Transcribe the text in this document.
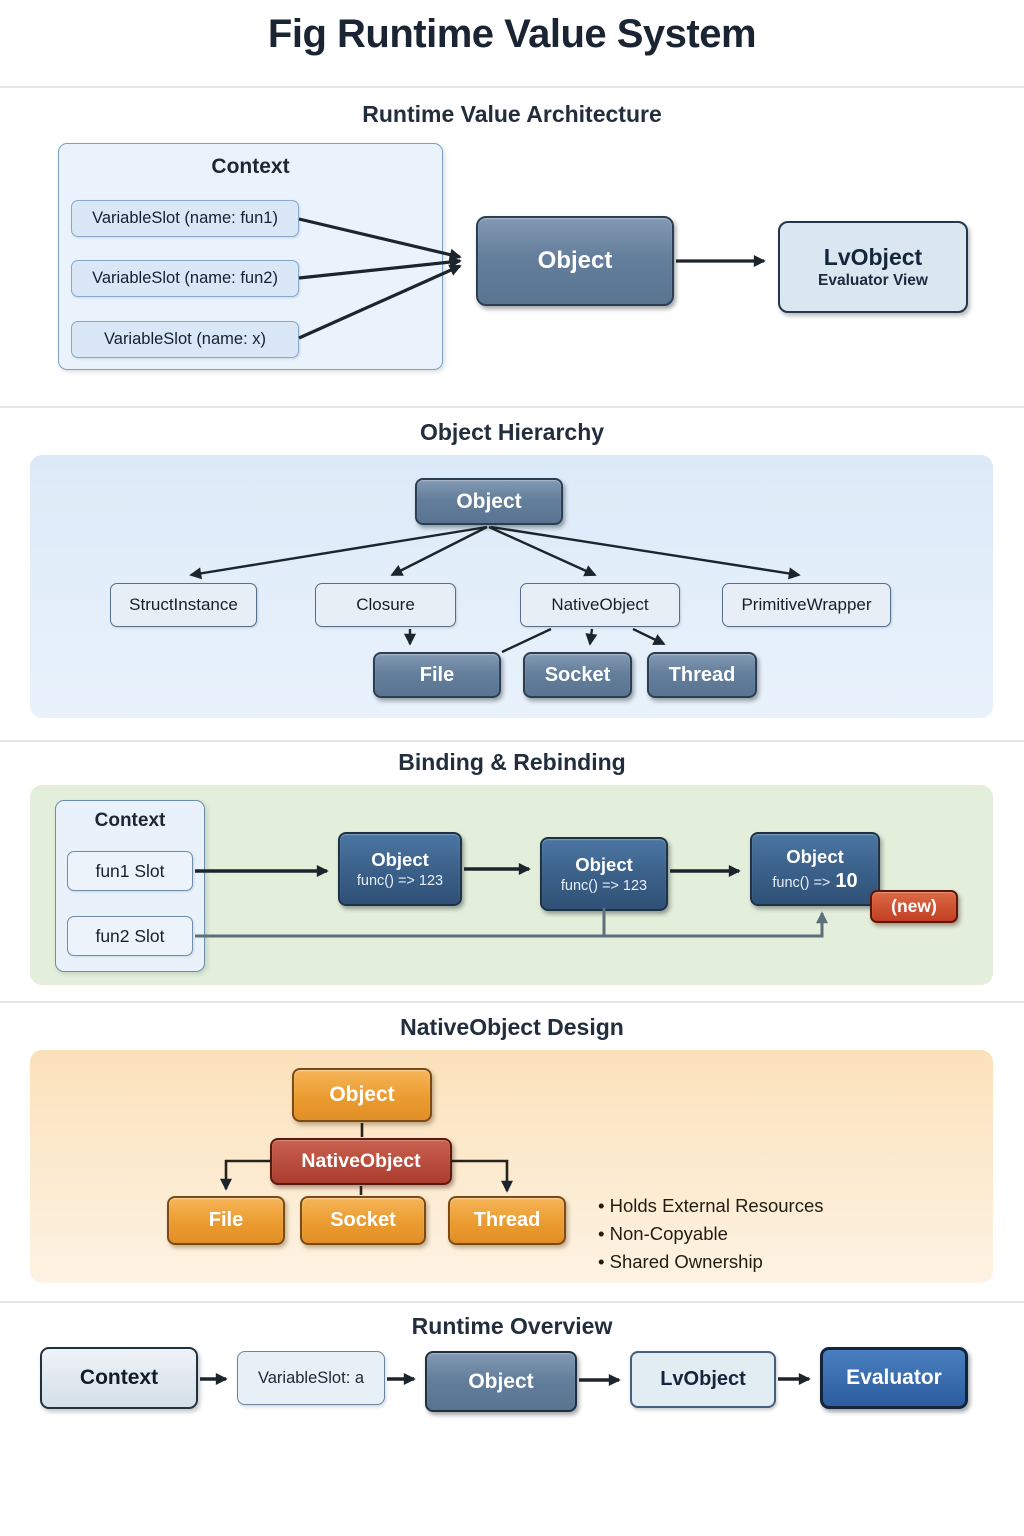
Fig Runtime Value System
Runtime Value Architecture
Context
VariableSlot (name: fun1)
VariableSlot (name: fun2)
VariableSlot (name: x)
Object	LvObject
Evaluator View
Object Hierarchy
Object
StructInstance	Closure	NativeObject	PrimitiveWrapper
File	Socket	Thread
Binding & Rebinding
Context
fun1 Slot
fun2 Slot
Object
func() => 123
Object
func() => 123
Object
func() => 10
(new)
NativeObject Design
Object
NativeObject
File	Socket	Thread
• Holds External Resources
• Non-Copyable
• Shared Ownership
Runtime Overview
Context	VariableSlot: a	Object	LvObject	Evaluator
